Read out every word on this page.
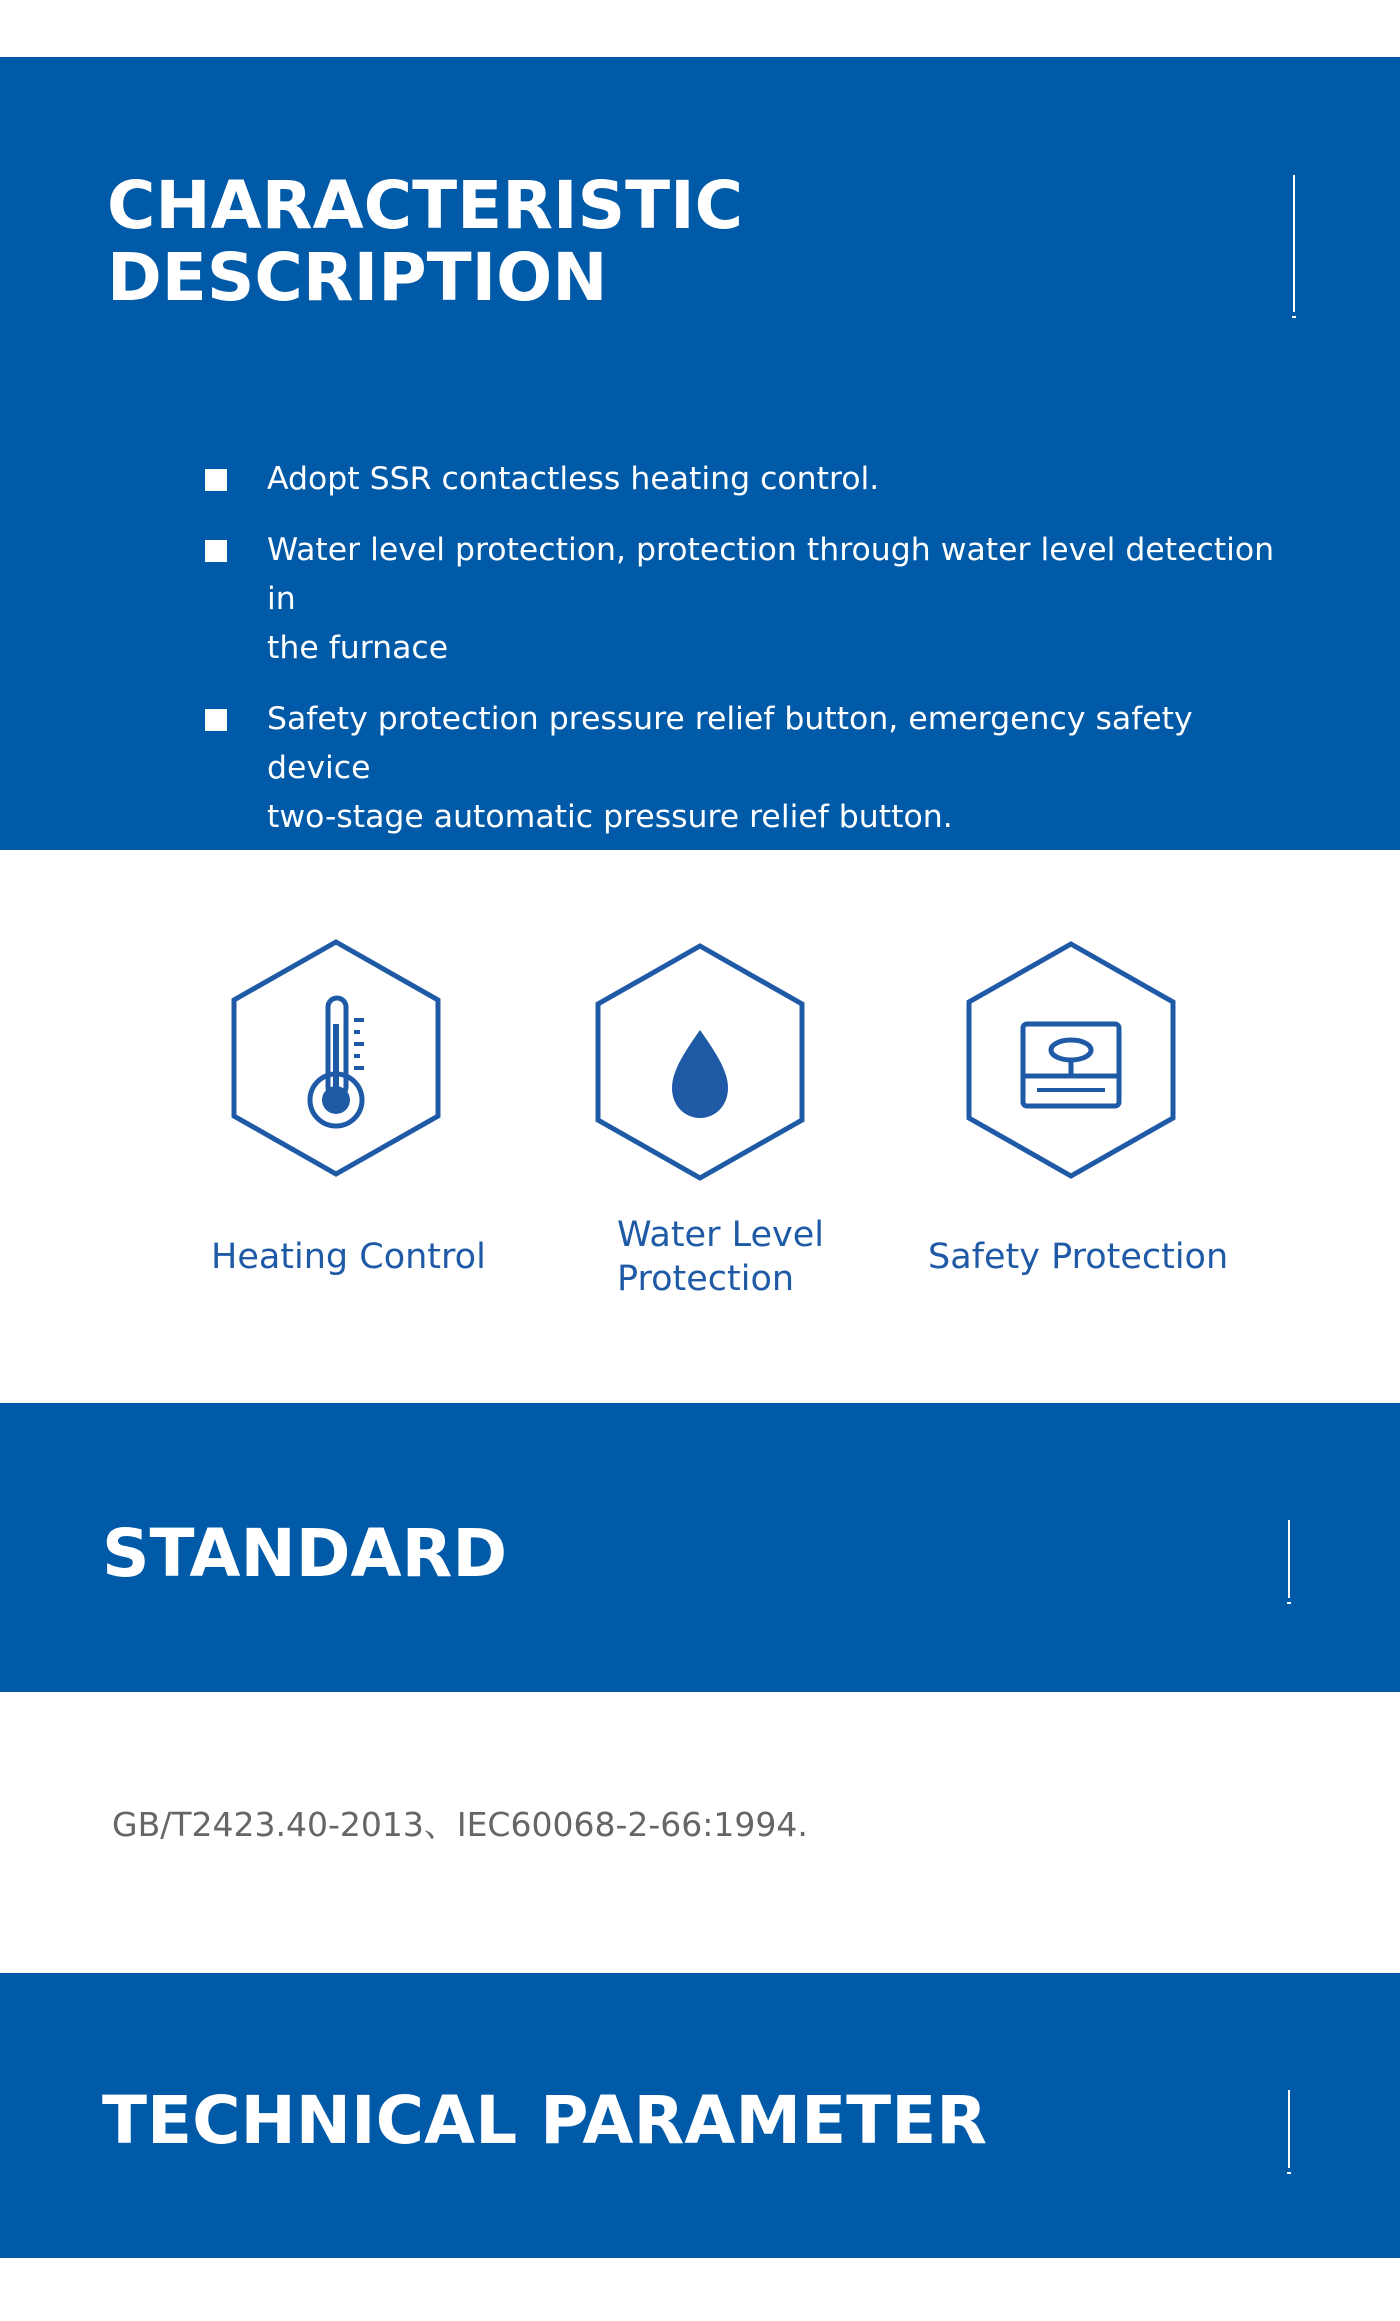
CHARACTERISTIC
DESCRIPTION
Adopt SSR contactless heating control.
Water level protection, protection through water level detection in
the furnace
Safety protection pressure relief button, emergency safety device
two-stage automatic pressure relief button.
Heating Control
Water Level
Protection
Safety Protection
STANDARD

GB/T2423.40-2013、IEC60068-2-66:1994.

TECHNICAL PARAMETER
